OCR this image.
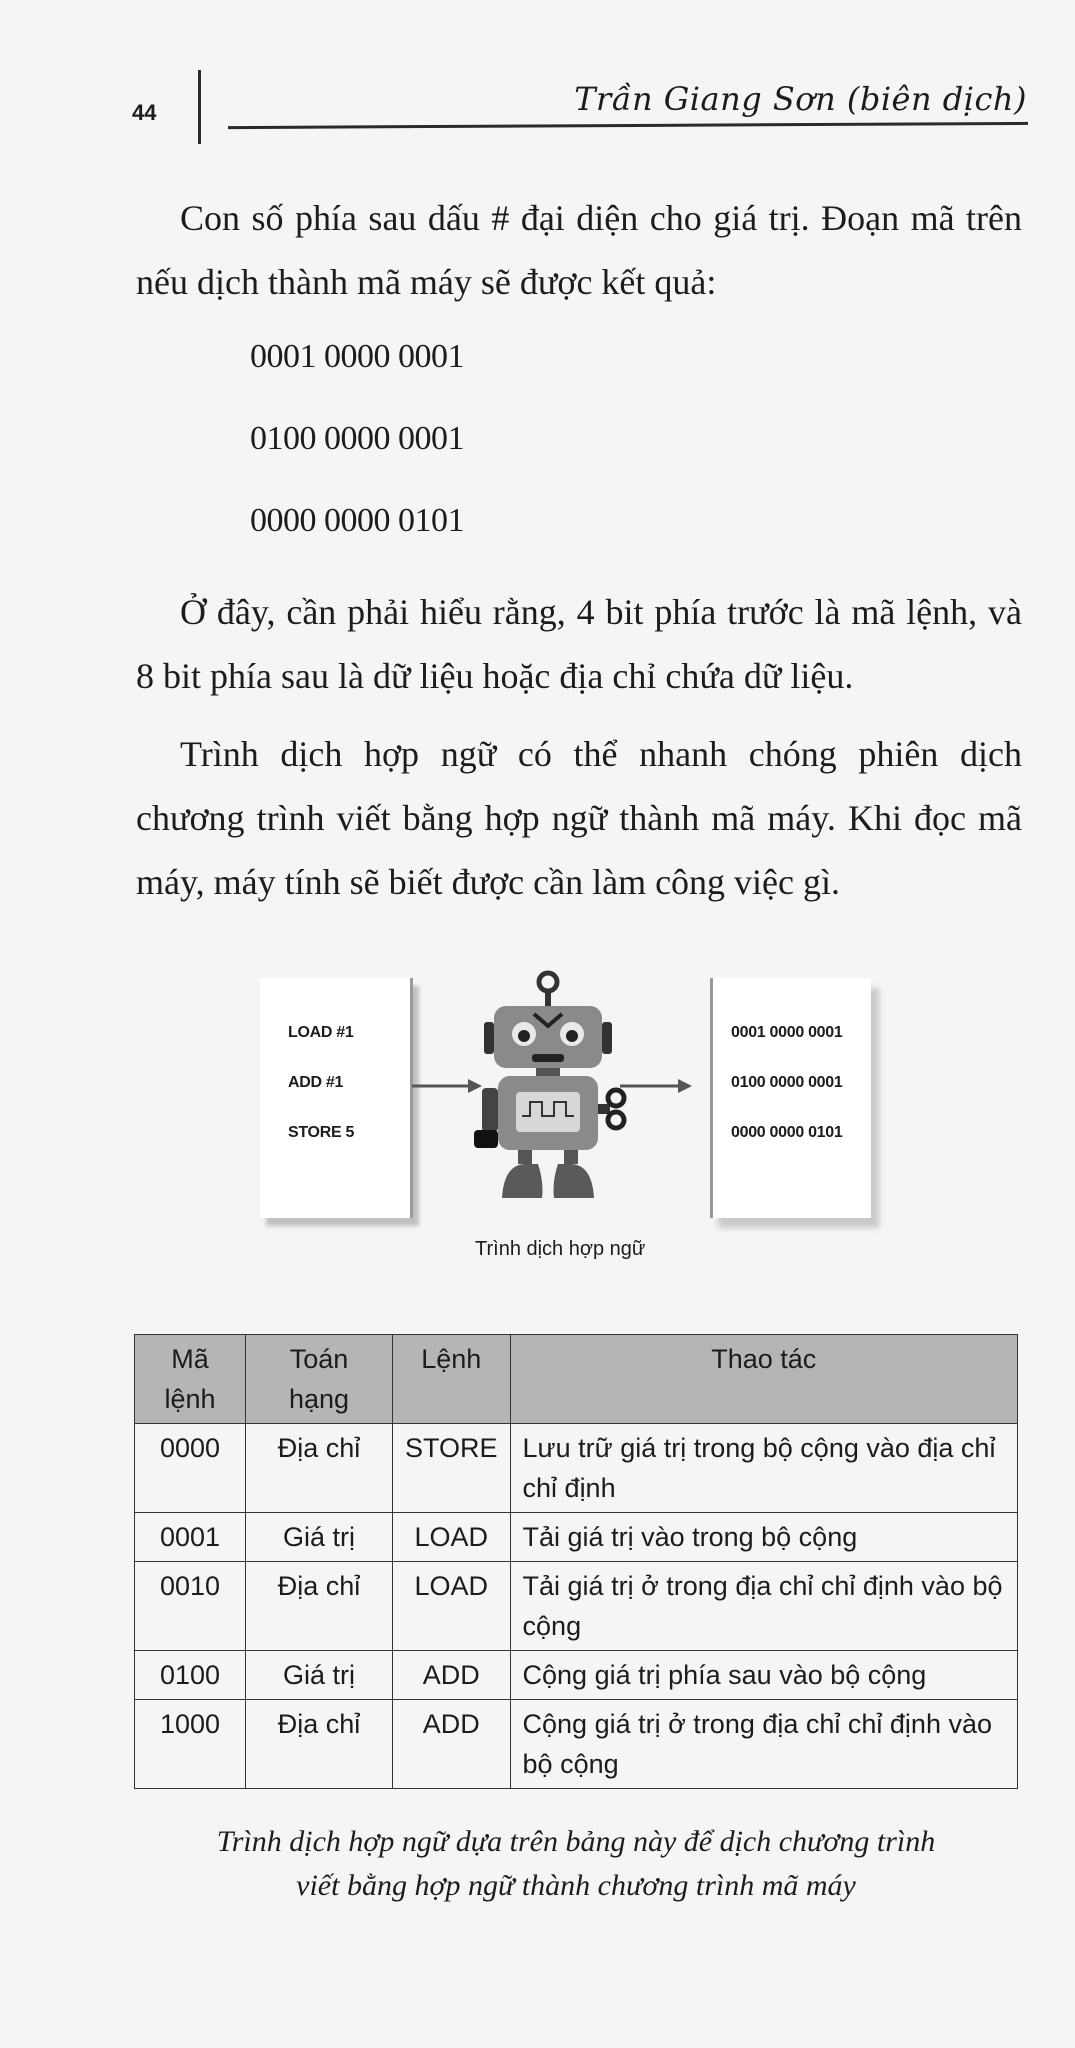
44	Trần Giang Sơn (biên dịch)
Con số phía sau dấu # đại diện cho giá trị. Đoạn mã trên nếu dịch thành mã máy sẽ được kết quả:
0001 0000 0001
0100 0000 0001
0000 0000 0101
Ở đây, cần phải hiểu rằng, 4 bit phía trước là mã lệnh, và 8 bit phía sau là dữ liệu hoặc địa chỉ chứa dữ liệu.
Trình dịch hợp ngữ có thể nhanh chóng phiên dịch chương trình viết bằng hợp ngữ thành mã máy. Khi đọc mã máy, máy tính sẽ biết được cần làm công việc gì.
LOAD #1
ADD #1
STORE 5
0001 0000 0001
0100 0000 0001
0000 0000 0101
Trình dịch hợp ngữ
Mã lệnh	Toán hạng	Lệnh	Thao tác
0000	Địa chỉ	STORE	Lưu trữ giá trị trong bộ cộng vào địa chỉ chỉ định
0001	Giá trị	LOAD	Tải giá trị vào trong bộ cộng
0010	Địa chỉ	LOAD	Tải giá trị ở trong địa chỉ chỉ định vào bộ cộng
0100	Giá trị	ADD	Cộng giá trị phía sau vào bộ cộng
1000	Địa chỉ	ADD	Cộng giá trị ở trong địa chỉ chỉ định vào bộ cộng
Trình dịch hợp ngữ dựa trên bảng này để dịch chương trình
viết bằng hợp ngữ thành chương trình mã máy
